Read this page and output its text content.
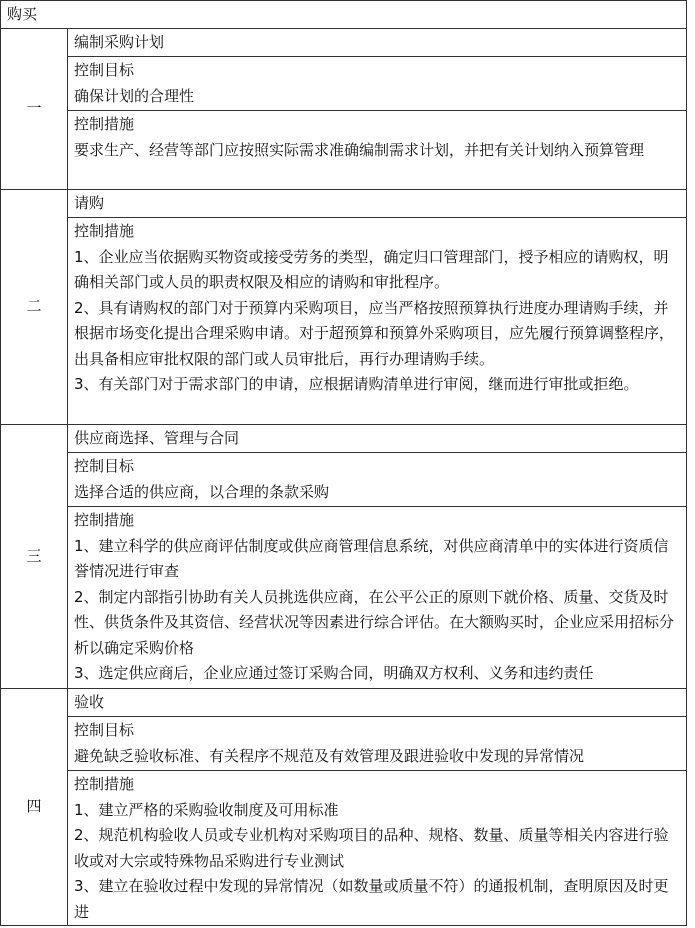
购买	

一	编制采购计划

	控制目标
确保计划的合理性

	控制措施
要求生产、经营等部门应按照实际需求准确编制需求计划，并把有关计划纳入预算管理

二	请购

	控制措施
1、企业应当依据购买物资或接受劳务的类型，确定归口管理部门，授予相应的请购权，明确相关部门或人员的职责权限及相应的请购和审批程序。
2、具有请购权的部门对于预算内采购项目，应当严格按照预算执行进度办理请购手续，并根据市场变化提出合理采购申请。对于超预算和预算外采购项目，应先履行预算调整程序，出具备相应审批权限的部门或人员审批后，再行办理请购手续。
3、有关部门对于需求部门的申请，应根据请购清单进行审阅，继而进行审批或拒绝。

三	供应商选择、管理与合同

	控制目标
选择合适的供应商，以合理的条款采购

	控制措施
1、建立科学的供应商评估制度或供应商管理信息系统，对供应商清单中的实体进行资质信誉情况进行审查
2、制定内部指引协助有关人员挑选供应商，在公平公正的原则下就价格、质量、交货及时性、供货条件及其资信、经营状况等因素进行综合评估。在大额购买时，企业应采用招标分析以确定采购价格
3、选定供应商后，企业应通过签订采购合同，明确双方权利、义务和违约责任

四	验收

	控制目标
避免缺乏验收标准、有关程序不规范及有效管理及跟进验收中发现的异常情况

	控制措施
1、建立严格的采购验收制度及可用标准
2、规范机构验收人员或专业机构对采购项目的品种、规格、数量、质量等相关内容进行验收或对大宗或特殊物品采购进行专业测试
3、建立在验收过程中发现的异常情况（如数量或质量不符）的通报机制，查明原因及时更进
